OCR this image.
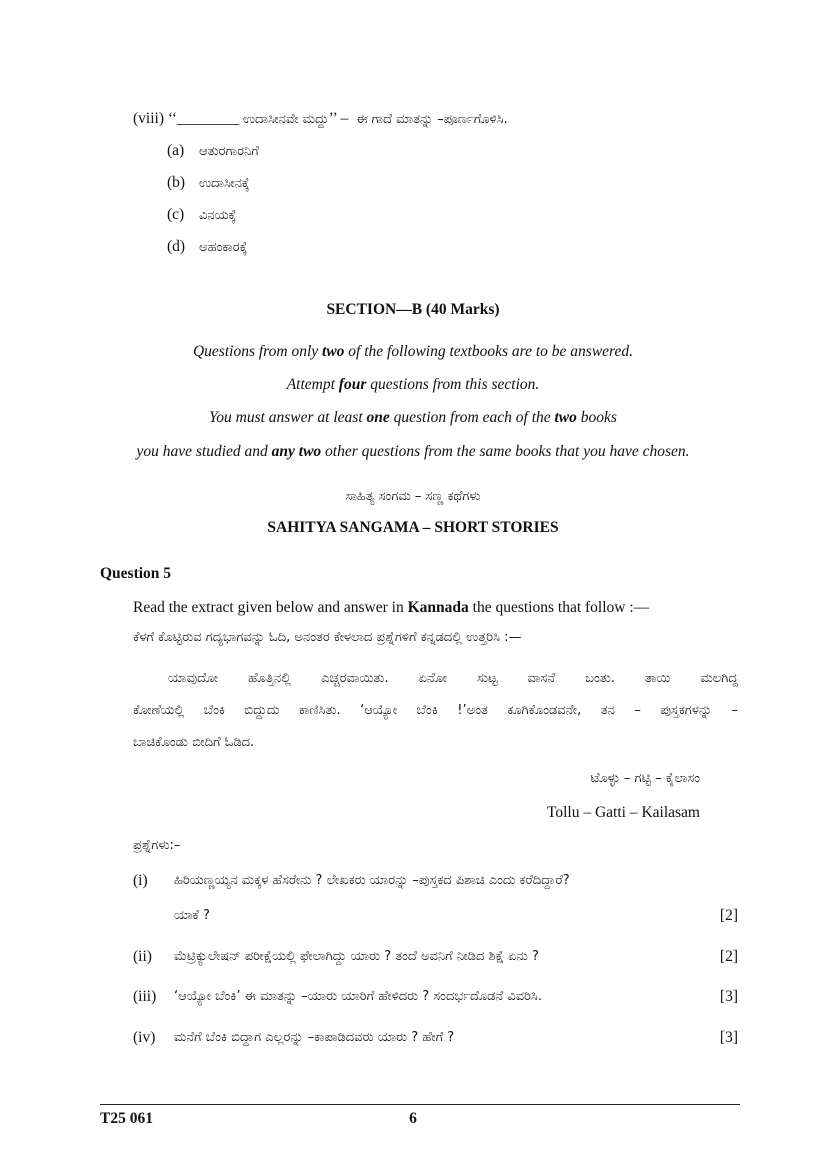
(viii) ‘‘________ ಉದಾಸೀನವೇ ಮದ್ದು’’ – ಈ ಗಾದೆ ಮಾತನ್ನು –ಪೂರ್ಣಗೊಳಿಸಿ.
(a) ಆತುರಗಾರನಿಗೆ
(b) ಉದಾಸೀನಕ್ಕೆ
(c) ವಿನಯಕ್ಕೆ
(d) ಅಹಂಕಾರಕ್ಕೆ
SECTION—B (40 Marks)
Questions from only two of the following textbooks are to be answered.
Attempt four questions from this section.
You must answer at least one question from each of the two books
you have studied and any two other questions from the same books that you have chosen.
ಸಾಹಿತ್ಯ ಸಂಗಮ – ಸಣ್ಣ ಕಥೆಗಳು
SAHITYA SANGAMA – SHORT STORIES
Question 5
Read the extract given below and answer in Kannada the questions that follow :—
ಕೆಳಗೆ ಕೊಟ್ಟಿರುವ ಗದ್ಯಭಾಗವನ್ನು ಓದಿ, ಅನಂತರ ಕೇಳಲಾದ ಪ್ರಶ್ನೆಗಳಿಗೆ ಕನ್ನಡದಲ್ಲಿ ಉತ್ತರಿಸಿ :—
ಯಾವುದೋ ಹೊತ್ತಿನಲ್ಲಿ ಎಚ್ಚರವಾಯಿತು. ಏನೋ ಸುಟ್ಟ ವಾಸನೆ ಬಂತು. ತಾಯಿ ಮಲಗಿದ್ದ
ಕೋಣೆಯಲ್ಲಿ ಬೆಂಕಿ ಬಿದ್ದುದು ಕಾಣಿಸಿತು. ‘ಆಯ್ಯೋ ಬೆಂಕಿ !’ಅಂತ ಕೂಗಿಕೊಂಡವನೇ, ತನ – ಪುಸ್ತಕಗಳನ್ನು –
ಬಾಚಿಕೊಂಡು ಬೀದಿಗೆ ಓಡಿದ.
ಟೊಳ್ಳು – ಗಟ್ಟಿ – ಕೈಲಾಸಂ
Tollu – Gatti – Kailasam
ಪ್ರಶ್ನೆಗಳು:–
(i) ಹಿರಿಯಣ್ಣಯ್ಯನ ಮಕ್ಕಳ ಹೆಸರೇನು ? ಲೇಖಕರು ಯಾರನ್ನು –ಪುಸ್ತಕದ ಪಿಶಾಚಿ ಎಂದು ಕರೆದಿದ್ದಾರೆ?
ಯಾಕೆ ?	[2]
(ii) ಮೆಟ್ರಿಕ್ಯುಲೇಷನ್ ಪರೀಕ್ಷೆಯಲ್ಲಿ ಫೇಲಾಗಿದ್ದು ಯಾರು ? ತಂದೆ ಅವನಿಗೆ ನೀಡಿದ ಶಿಕ್ಷೆ ಏನು ?	[2]
(iii) ‘ಆಯ್ಯೋ ಬೆಂಕಿ’ ಈ ಮಾತನ್ನು –ಯಾರು ಯಾರಿಗೆ ಹೇಳಿದರು ? ಸಂದರ್ಭದೊಡನೆ ವಿವರಿಸಿ.	[3]
(iv) ಮನೆಗೆ ಬೆಂಕಿ ಬಿದ್ದಾಗ ಎಲ್ಲರನ್ನು –ಕಾಪಾಡಿದವರು ಯಾರು ? ಹೇಗೆ ?	[3]
T25 061	6
